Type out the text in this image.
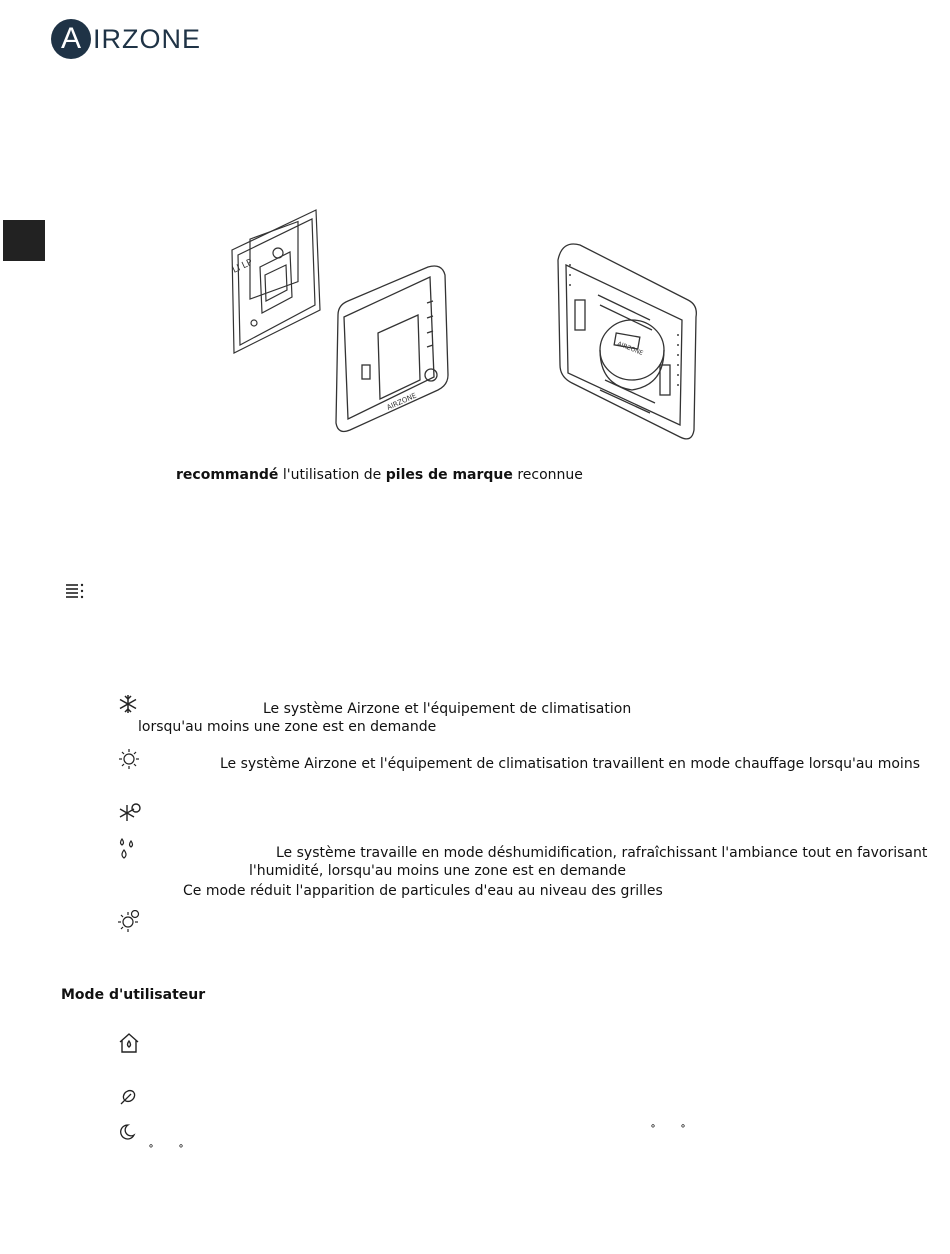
A IRZONE
LI LP
AIRZONE
AIRZONE
recommandé l'utilisation de piles de marque reconnue
Le système Airzone et l'équipement de climatisation
lorsqu'au moins une zone est en demande
Le système Airzone et l'équipement de climatisation travaillent en mode chauffage lorsqu'au moins
Le système travaille en mode déshumidification, rafraîchissant l'ambiance tout en favorisant
l'humidité, lorsqu'au moins une zone est en demande
Ce mode réduit l'apparition de particules d'eau au niveau des grilles
Mode d'utilisateur
˚ ˚
˚ ˚
